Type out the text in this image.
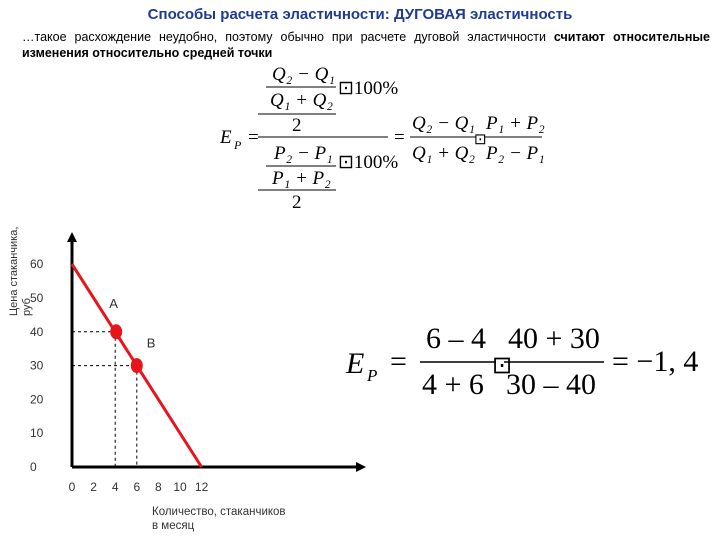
Способы расчета эластичности: ДУГОВАЯ эластичность
…такое расхождение неудобно, поэтому обычно при расчете дуговой эластичности считают относительные изменения относительно средней точки
E P =
Q₂ − Q₁
Q₁ + Q₂
⊡100%
2
P₂ − P₁
P₁ + P₂
⊡100%
2
=
Q₂ − Q₁
Q₁ + Q₂
⊡
P₁ + P₂
P₂ − P₁
Цена стаканчика, руб
0
10
20
30
40
50
60
0 2 4 6 8 10 12
A
B
Количество, стаканчиков в месяц
E P =
6 – 4
4 + 6
⊡
40 + 30
30 – 40
= −1, 4
